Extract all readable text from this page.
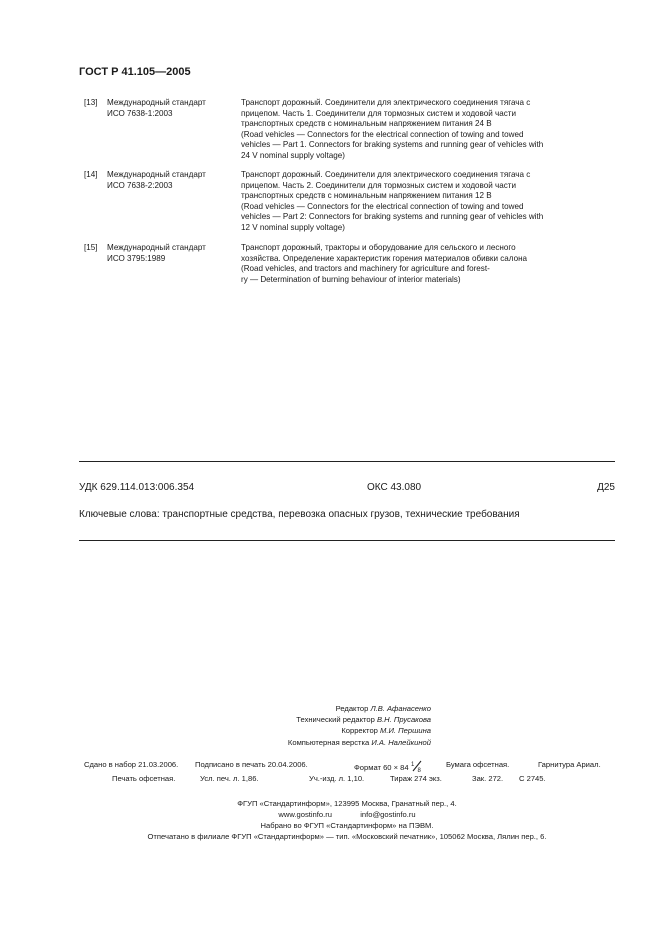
ГОСТ Р 41.105—2005
[13] Международный стандарт
ИСО 7638-1:2003
Транспорт дорожный. Соединители для электрического соединения тягача с
прицепом. Часть 1. Соединители для тормозных систем и ходовой части
транспортных средств с номинальным напряжением питания 24 В
(Road vehicles — Connectors for the electrical connection of towing and towed
vehicles — Part 1. Connectors for braking systems and running gear of vehicles with
24 V nominal supply voltage)
[14] Международный стандарт
ИСО 7638-2:2003
Транспорт дорожный. Соединители для электрического соединения тягача с
прицепом. Часть 2. Соединители для тормозных систем и ходовой части
транспортных средств с номинальным напряжением питания 12 В
(Road vehicles — Connectors for the electrical connection of towing and towed
vehicles — Part 2: Connectors for braking systems and running gear of vehicles with
12 V nominal supply voltage)
[15] Международный стандарт
ИСО 3795:1989
Транспорт дорожный, тракторы и оборудование для сельского и лесного
хозяйства. Определение характеристик горения материалов обивки салона
(Road vehicles, and tractors and machinery for agriculture and forest-
ry — Determination of burning behaviour of interior materials)
УДК 629.114.013:006.354	ОКС 43.080	Д25
Ключевые слова: транспортные средства, перевозка опасных грузов, технические требования
Редактор Л.В. Афанасенко
Технический редактор В.Н. Прусакова
Корректор М.И. Першина
Компьютерная верстка И.А. Налейкиной
Сдано в набор 21.03.2006. Подписано в печать 20.04.2006.	Формат 60 × 84 1
8
Бумага офсетная.	Гарнитура Ариал.
Печать офсетная.	Усл. печ. л. 1,86.	Уч.-изд. л. 1,10.	Тираж 274 экз.	Зак. 272. С 2745.
ФГУП «Стандартинформ», 123995 Москва, Гранатный пер., 4.
www.gostinfo.ru	info@gostinfo.ru
Набрано во ФГУП «Стандартинформ» на ПЭВМ.
Отпечатано в филиале ФГУП «Стандартинформ» — тип. «Московский печатник», 105062 Москва, Лялин пер., 6.
